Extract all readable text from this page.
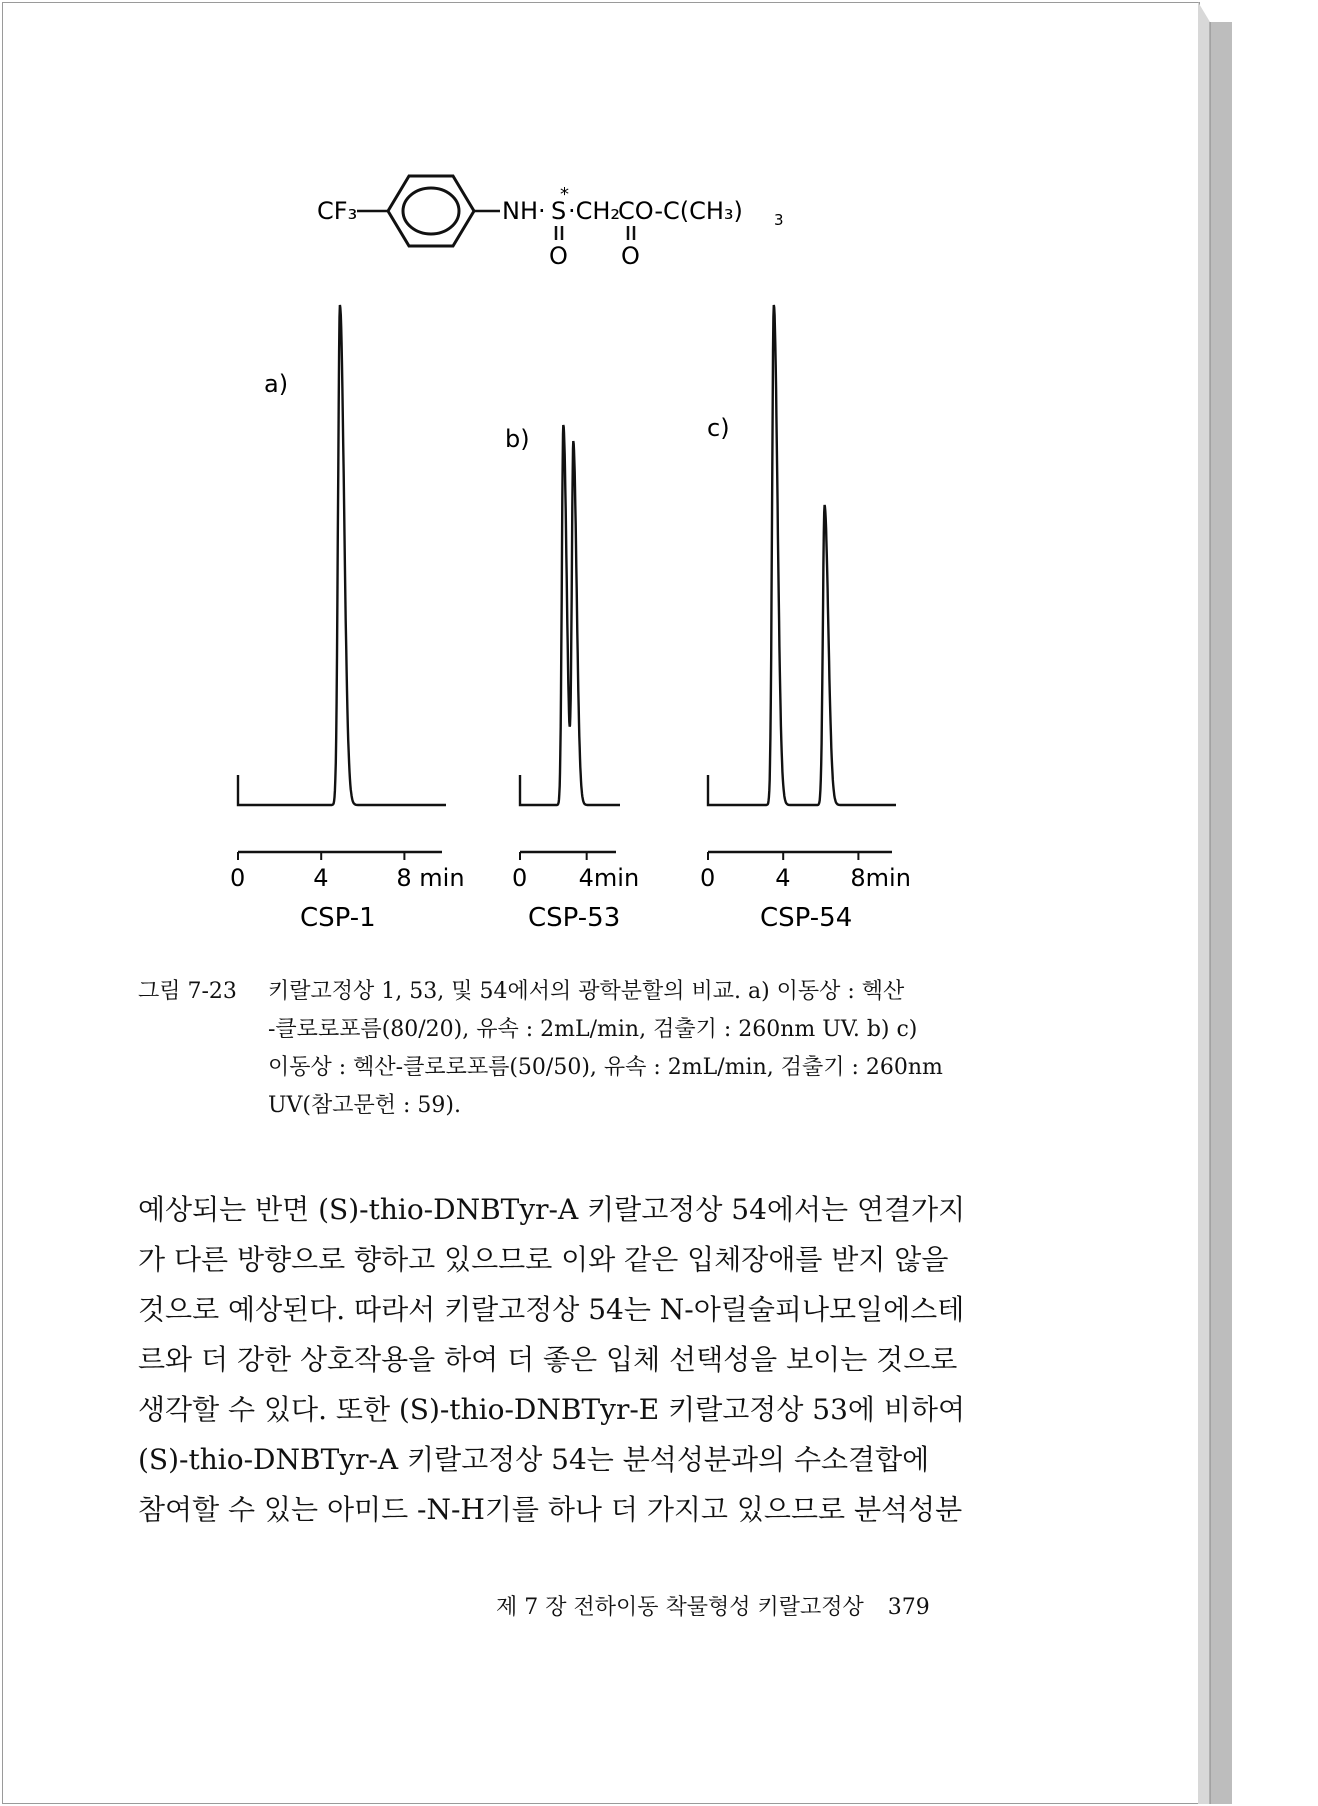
CF₃	NH· S
*
·CH₂
CO-C(CH₃) 3
O O
a)
0	4	8 min
CSP-1
b)
0 4min
CSP-53
c)
0 4 8min
CSP-54
그림 7-23 키랄고정상 1, 53, 및 54에서의 광학분할의 비교. a) 이동상 : 헥산
-클로로포름(80/20), 유속 : 2mL/min, 검출기 : 260nm UV. b) c)
이동상 : 헥산-클로로포름(50/50), 유속 : 2mL/min, 검출기 : 260nm
UV(참고문헌 : 59).
예상되는 반면 (S)-thio-DNBTyr-A 키랄고정상 54에서는 연결가지
가 다른 방향으로 향하고 있으므로 이와 같은 입체장애를 받지 않을
것으로 예상된다. 따라서 키랄고정상 54는 N-아릴술피나모일에스테
르와 더 강한 상호작용을 하여 더 좋은 입체 선택성을 보이는 것으로
생각할 수 있다. 또한 (S)-thio-DNBTyr-E 키랄고정상 53에 비하여
(S)-thio-DNBTyr-A 키랄고정상 54는 분석성분과의 수소결합에
참여할 수 있는 아미드 -N-H기를 하나 더 가지고 있으므로 분석성분
제 7 장 전하이동 착물형성 키랄고정상 379
